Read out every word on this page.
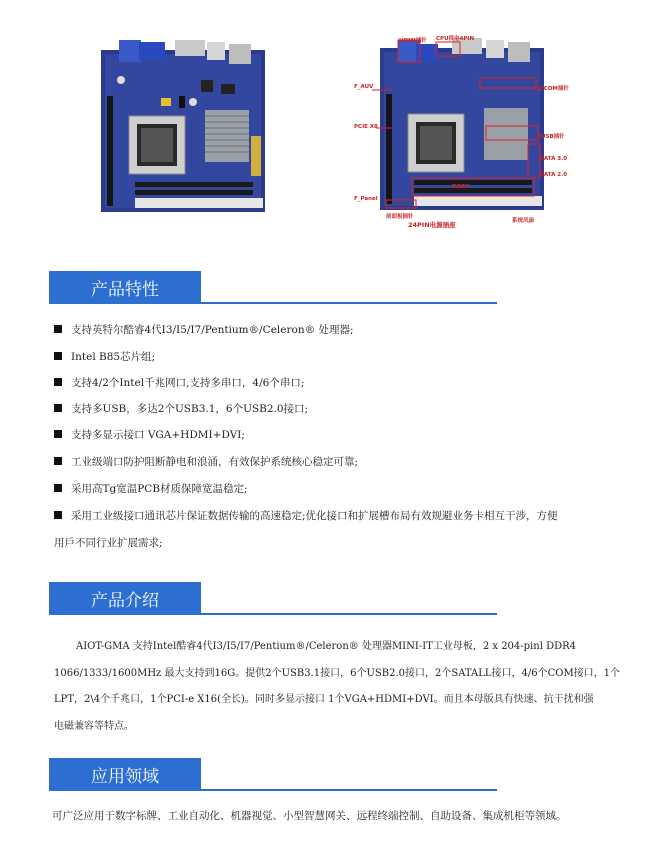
HDMI插针 CPU供电4PIN
F_AUV	6*COM插针
PCIE X8
PUSB插针
SATA 3.0
SATA 2.0
DDR3
F_Panel
前面板插针
24PIN电源插座	系统风扇
产品特性
支持英特尔酷睿4代I3/I5/I7/Pentium®/Celeron® 处理器;
Intel B85芯片组;
支持4/2个Intel千兆网口,支持多串口，4/6个串口;
支持多USB，多达2个USB3.1，6个USB2.0接口;
支持多显示接口 VGA+HDMI+DVI;
工业级端口防护阻断静电和浪涌，有效保护系统核心稳定可靠;
采用高Tg宽温PCB材质保障宽温稳定;
采用工业级接口通讯芯片保证数据传输的高速稳定;优化接口和扩展槽布局有效规避业务卡相互干涉，方便
用戶不同行业扩展需求;
产品介绍
AIOT-GMA 支持Intel酷睿4代I3/I5/I7/Pentium®/Celeron® 处理器MINI-IT工业母板，2 x 204-pinl DDR4
1066/1333/1600MHz 最大支持到16G。提供2个USB3.1接口，6个USB2.0接口，2个SATALL接口，4/6个COM接口，1个
LPT，2\4个千兆口，1个PCI-e X16(全长)。同时多显示接口 1个VGA+HDMI+DVI。而且本母版具有快速、抗干扰和强
电磁兼容等特点。
应用领域
可广泛应用于数字标牌、工业自动化、机器视觉、小型智慧网关、远程终端控制、自助设备、集成机柜等领域。
